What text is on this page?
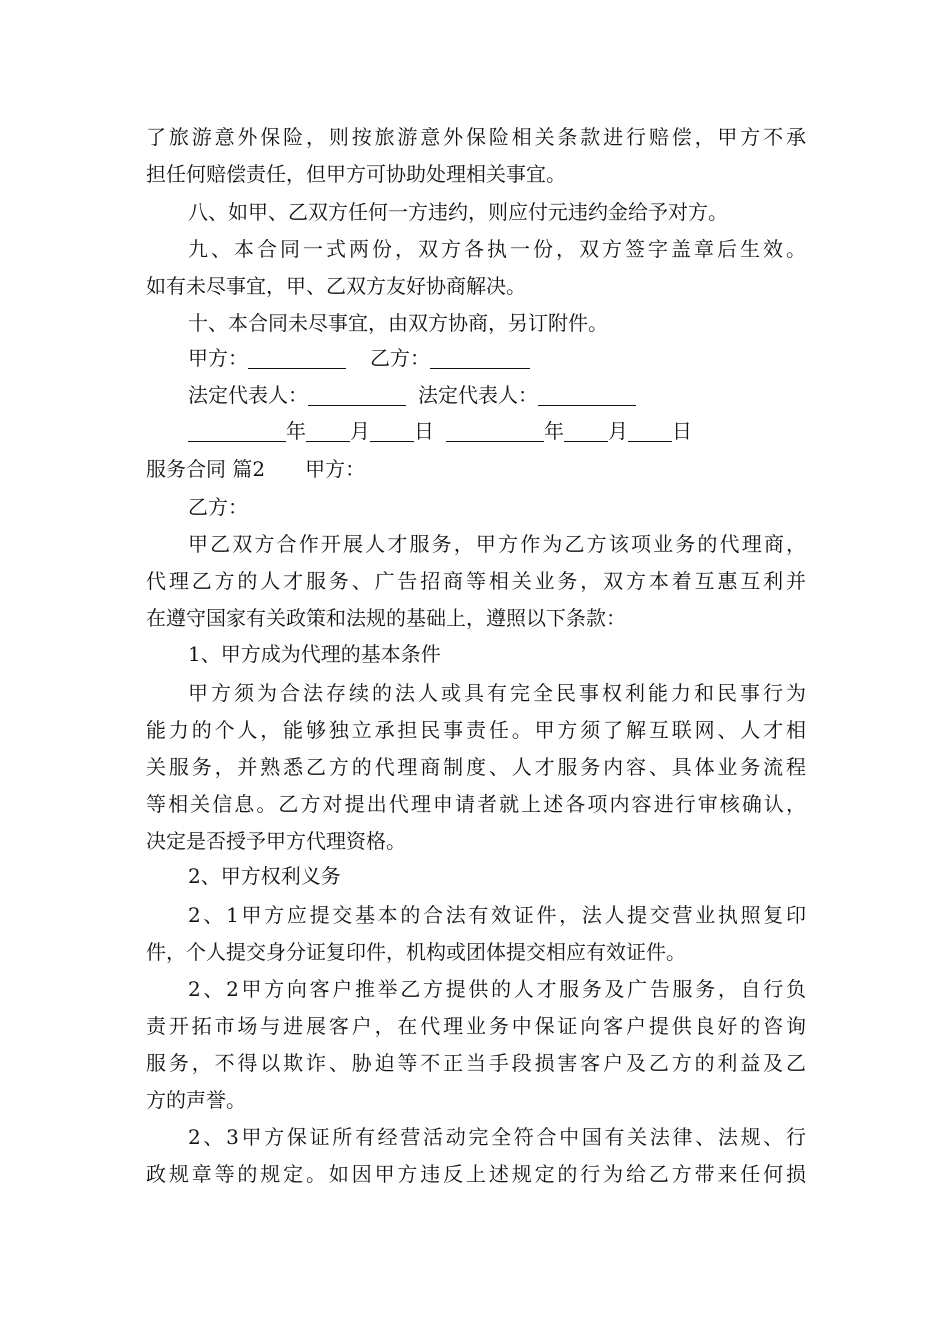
了旅游意外保险，则按旅游意外保险相关条款进行赔偿，甲方不承
担任何赔偿责任，但甲方可协助处理相关事宜。
八、如甲、乙双方任何一方违约，则应付元违约金给予对方。
九、本合同一式两份，双方各执一份，双方签字盖章后生效。
如有未尽事宜，甲、乙双方友好协商解决。
十、本合同未尽事宜，由双方协商，另订附件。
甲方：	乙方：
法定代表人：	法定代表人：
年 月 日	年 月 日
服务合同 篇2 甲方：
乙方：
甲乙双方合作开展人才服务，甲方作为乙方该项业务的代理商，
代理乙方的人才服务、广告招商等相关业务，双方本着互惠互利并
在遵守国家有关政策和法规的基础上，遵照以下条款：
1、甲方成为代理的基本条件
甲方须为合法存续的法人或具有完全民事权利能力和民事行为
能力的个人，能够独立承担民事责任。甲方须了解互联网、人才相
关服务，并熟悉乙方的代理商制度、人才服务内容、具体业务流程
等相关信息。乙方对提出代理申请者就上述各项内容进行审核确认，
决定是否授予甲方代理资格。
2、甲方权利义务
2、1甲方应提交基本的合法有效证件，法人提交营业执照复印
件，个人提交身分证复印件，机构或团体提交相应有效证件。
2、2甲方向客户推举乙方提供的人才服务及广告服务，自行负
责开拓市场与进展客户，在代理业务中保证向客户提供良好的咨询
服务，不得以欺诈、胁迫等不正当手段损害客户及乙方的利益及乙
方的声誉。
2、3甲方保证所有经营活动完全符合中国有关法律、法规、行
政规章等的规定。如因甲方违反上述规定的行为给乙方带来任何损
